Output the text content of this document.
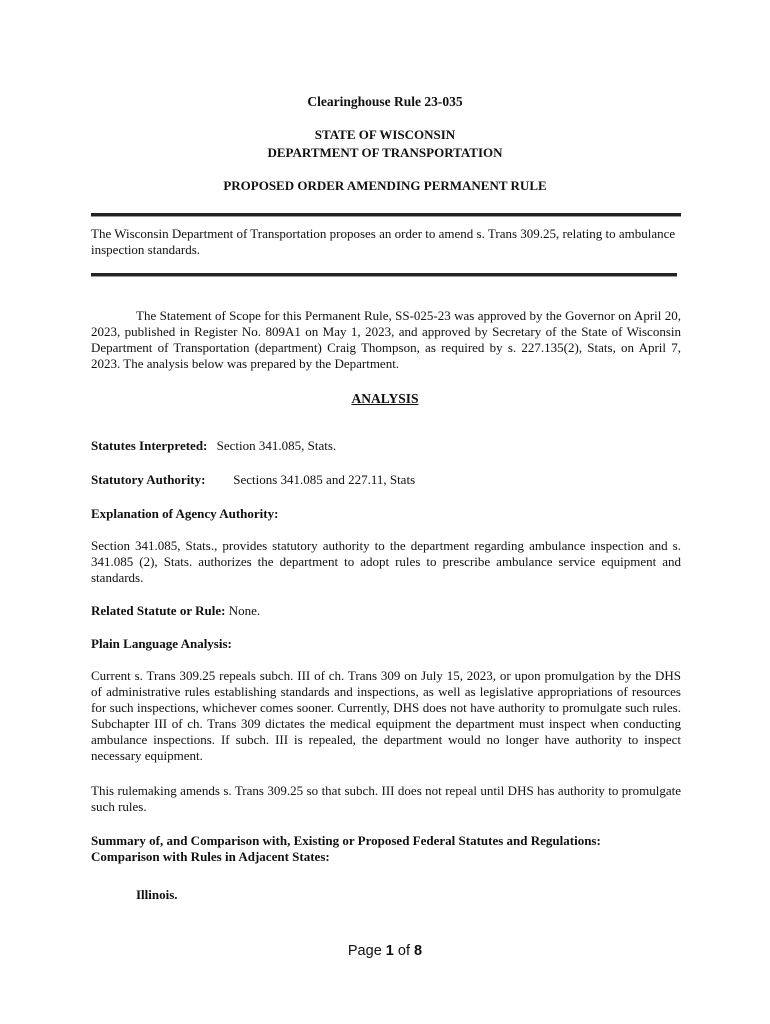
Clearinghouse Rule 23-035
STATE OF WISCONSIN
DEPARTMENT OF TRANSPORTATION
PROPOSED ORDER AMENDING PERMANENT RULE
The Wisconsin Department of Transportation proposes an order to amend s. Trans 309.25, relating to ambulance inspection standards.
The Statement of Scope for this Permanent Rule, SS-025-23 was approved by the Governor on April 20, 2023, published in Register No. 809A1 on May 1, 2023, and approved by Secretary of the State of Wisconsin Department of Transportation (department) Craig Thompson, as required by s. 227.135(2), Stats, on April 7, 2023. The analysis below was prepared by the Department.
ANALYSIS
Statutes Interpreted: Section 341.085, Stats.
Statutory Authority: Sections 341.085 and 227.11, Stats
Explanation of Agency Authority:
Section 341.085, Stats., provides statutory authority to the department regarding ambulance inspection and s. 341.085 (2), Stats. authorizes the department to adopt rules to prescribe ambulance service equipment and standards.
Related Statute or Rule: None.
Plain Language Analysis:
Current s. Trans 309.25 repeals subch. III of ch. Trans 309 on July 15, 2023, or upon promulgation by the DHS of administrative rules establishing standards and inspections, as well as legislative appropriations of resources for such inspections, whichever comes sooner. Currently, DHS does not have authority to promulgate such rules. Subchapter III of ch. Trans 309 dictates the medical equipment the department must inspect when conducting ambulance inspections. If subch. III is repealed, the department would no longer have authority to inspect necessary equipment.
This rulemaking amends s. Trans 309.25 so that subch. III does not repeal until DHS has authority to promulgate such rules.
Summary of, and Comparison with, Existing or Proposed Federal Statutes and Regulations:
Comparison with Rules in Adjacent States:
Illinois.
Page 1 of 8
